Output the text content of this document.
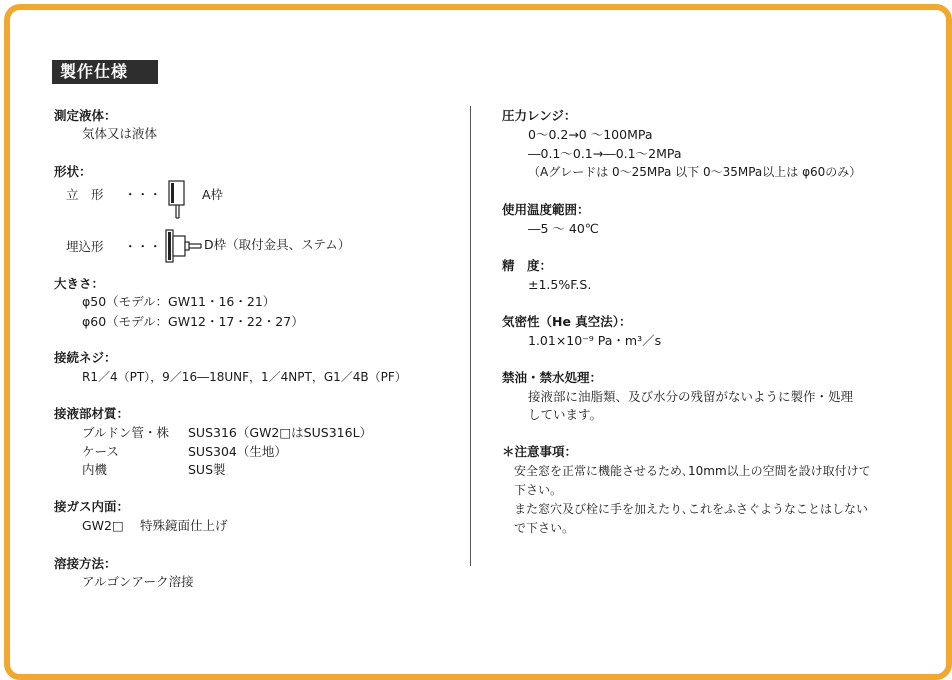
製作仕様
測定液体：
気体又は液体
形状：
立　形 ・・・	A枠
埋込形 ・・・	D枠（取付金具、ステム）
大きさ：
φ50（モデル：GW11・16・21）
φ60（モデル：GW12・17・22・27）
接続ネジ：
R1／4（PT），9／16―18UNF，1／4NPT，G1／4B（PF）
接液部材質：
ブルドン管・株 SUS316（GW2□はSUS316L）
ケース	SUS304（生地）
内機	SUS製
接ガス内面：
GW2□ 特殊鏡面仕上げ
溶接方法：
アルゴンアーク溶接
圧力レンジ：
0～0.2→0 ～100MPa
―0.1～0.1→―0.1～2MPa
（Aグレードは 0～25MPa 以下 0～35MPa以上は φ60のみ）
使用温度範囲：
―5 ～ 40℃
精　度：
±1.5%F.S.
気密性（He 真空法）：
1.01×10⁻⁹ Pa・m³／s
禁油・禁水処理：
接液部に油脂類、及び水分の残留がないように製作・処理
しています。
＊注意事項：
安全窓を正常に機能させるため､10mm以上の空間を設け取付けて
下さい。
また窓穴及び栓に手を加えたり､これをふさぐようなことはしない
で下さい。
